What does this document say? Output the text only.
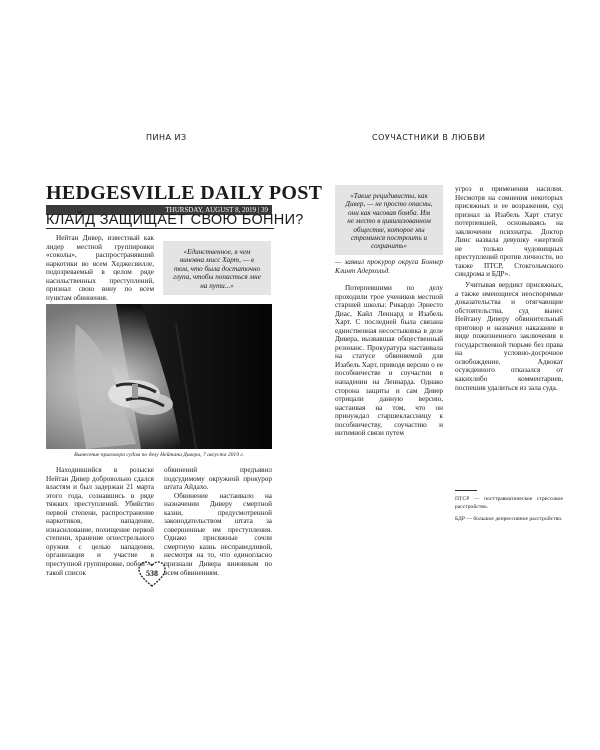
ПИНА ИЗ	СОУЧАСТНИКИ В ЛЮБВИ
HEDGESVILLE DAILY POST
THURSDAY, AUGUST 8, 2019 | 39
КЛАЙД ЗАЩИЩАЕТ СВОЮ БОННИ?

Нейтан Дивер, известный как лидер местной группировки «соколы», распространявший наркотики во всем Хеджесвилле, подозреваемый в целом ряде насильственных преступлений, признал свою вину по всем пунктам обвинения.

«Единственное, в чем виновна мисс Харт, — в том, что была достаточно глупа, чтобы попасться мне на пути...»
Вынесение приговора судом по делу Нейтана Дивера, 7 августа 2019 г.

Находившийся в розыске Нейтан Дивер добровольно сдался властям и был задержан 21 марта этого года, сознавшись в ряде тяжких преступлений. Убийство первой степени, распространение наркотиков, нападение, изнасилование, похищение первой степени, хранение огнестрельного оружия с целью нападения, организация и участие в преступной группировке, побои — такой список

обвинений предъявил подсудимому окружной прокурор штата Айдахо.

Обвинение настаивало на назначении Диверу смертной казни, предусмотренной законодательством штата за совершенные им преступления. Однако присяжные сочли смертную казнь несправедливой, несмотря на то, что единогласно признали Дивера виновным по всем обвинениям.

538
«Такие рецидивисты, как Дивер, — не просто опасны, они как часовая бомба. Им не место в цивилизованном обществе, которое мы стремимся построить и сохранить»

— заявил прокурор округа Боннер Клинт Адерхольд.

Потерпевшими по делу проходили трое учеников местной старшей школы: Рикардо Эрнесто Диас, Кайл Леннард и Изабель Харт. С последней была связана единственная несостыковка в деле Дивера, вызвавшая общественный резонанс. Прокуратура настаивала на статусе обвиняемой для Изабель Харт, приводя версию о ее пособничестве и соучастии в нападении на Леннарда. Однако сторона защиты и сам Дивер отрицали данную версию, настаивая на том, что он принуждал старшеклассницу к пособничеству, соучастию и интимной связи путем

угроз и применения насилия. Несмотря на сомнения некоторых присяжных и ее возражения, суд признал за Изабель Харт статус потерпевшей, основываясь на заключении психиатра. Доктор Линс назвала девушку «жертвой не только чудовищных преступлений против личности, но также ПТСР, Стокгольмского синдрома и БДР».

Учитывая вердикт присяжных, а также имеющиеся неоспоримые доказательства и отягчающие обстоятельства, суд вынес Нейтану Диверу обвинительный приговор и назначил наказание в виде пожизненного заключения в государственной тюрьме без права на условно-досрочное освобождение. Адвокат осужденного отказался от какихлибо комментариев, поспешив удалиться из зала суда.

ПТСР — посттравматическое стрессовое расстройство.
БДР — большое депрессивное расстройство.
